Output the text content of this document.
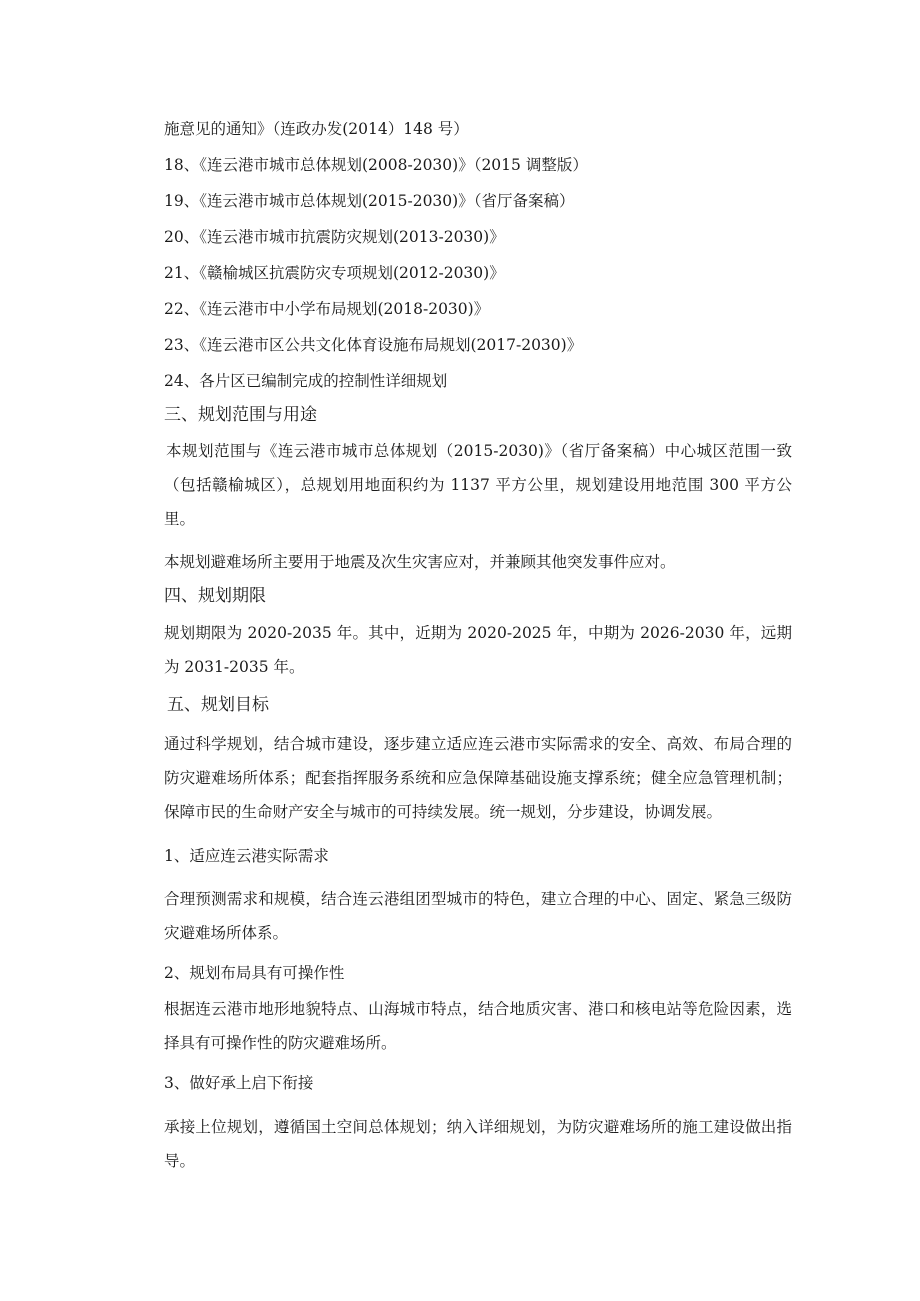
施意见的通知》（连政办发(2014）148 号）
18、《连云港市城市总体规划(2008-2030)》（2015 调整版）
19、《连云港市城市总体规划(2015-2030)》（省厅备案稿）
20、《连云港市城市抗震防灾规划(2013-2030)》
21、《赣榆城区抗震防灾专项规划(2012-2030)》
22、《连云港市中小学布局规划(2018-2030)》
23、《连云港市区公共文化体育设施布局规划(2017-2030)》
24、各片区已编制完成的控制性详细规划
三、规划范围与用途
本规划范围与《连云港市城市总体规划（2015-2030)》（省厅备案稿）中心城区范围一致（包括赣榆城区），总规划用地面积约为 1137 平方公里，规划建设用地范围 300 平方公里。
本规划避难场所主要用于地震及次生灾害应对，并兼顾其他突发事件应对。
四、规划期限
规划期限为 2020-2035 年。其中，近期为 2020-2025 年，中期为 2026-2030 年，远期为 2031-2035 年。
五、规划目标
通过科学规划，结合城市建设，逐步建立适应连云港市实际需求的安全、高效、布局合理的防灾避难场所体系；配套指挥服务系统和应急保障基础设施支撑系统；健全应急管理机制；保障市民的生命财产安全与城市的可持续发展。统一规划，分步建设，协调发展。
1、适应连云港实际需求
合理预测需求和规模，结合连云港组团型城市的特色，建立合理的中心、固定、紧急三级防灾避难场所体系。
2、规划布局具有可操作性
根据连云港市地形地貌特点、山海城市特点，结合地质灾害、港口和核电站等危险因素，选择具有可操作性的防灾避难场所。
3、做好承上启下衔接
承接上位规划，遵循国土空间总体规划；纳入详细规划，为防灾避难场所的施工建设做出指导。
